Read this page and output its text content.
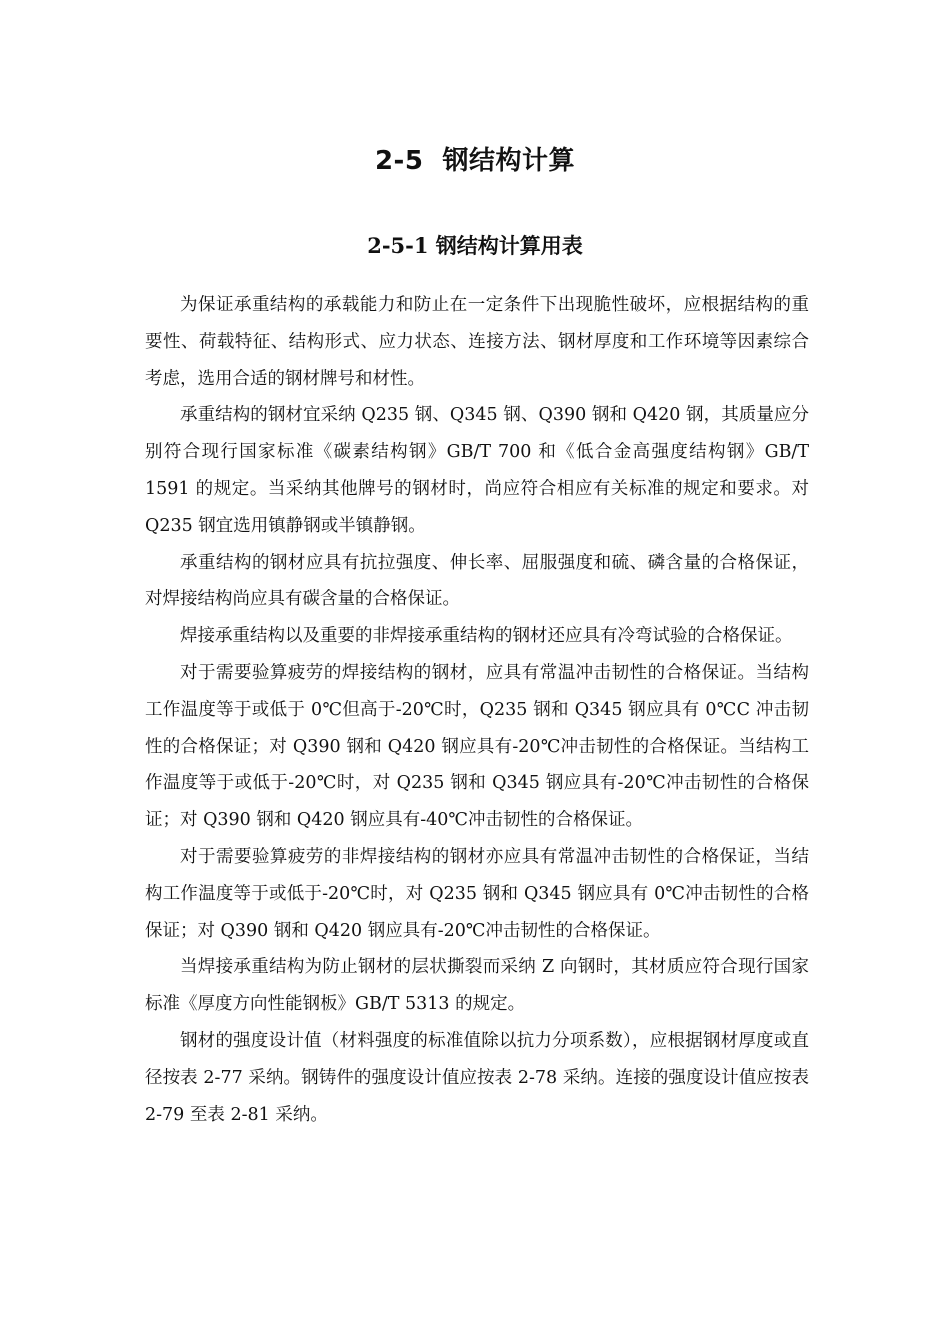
2-5  钢结构计算
2-5-1 钢结构计算用表

为保证承重结构的承载能力和防止在一定条件下出现脆性破坏，应根据结构的重要性、荷载特征、结构形式、应力状态、连接方法、钢材厚度和工作环境等因素综合考虑，选用合适的钢材牌号和材性。

承重结构的钢材宜采纳 Q235 钢、Q345 钢、Q390 钢和 Q420 钢，其质量应分别符合现行国家标准《碳素结构钢》GB/T 700 和《低合金高强度结构钢》GB/T 1591 的规定。当采纳其他牌号的钢材时，尚应符合相应有关标准的规定和要求。对 Q235 钢宜选用镇静钢或半镇静钢。

承重结构的钢材应具有抗拉强度、伸长率、屈服强度和硫、磷含量的合格保证，对焊接结构尚应具有碳含量的合格保证。

焊接承重结构以及重要的非焊接承重结构的钢材还应具有冷弯试验的合格保证。

对于需要验算疲劳的焊接结构的钢材，应具有常温冲击韧性的合格保证。当结构工作温度等于或低于 0℃但高于-20℃时，Q235 钢和 Q345 钢应具有 0℃C 冲击韧性的合格保证；对 Q390 钢和 Q420 钢应具有-20℃冲击韧性的合格保证。当结构工作温度等于或低于-20℃时，对 Q235 钢和 Q345 钢应具有-20℃冲击韧性的合格保证；对 Q390 钢和 Q420 钢应具有-40℃冲击韧性的合格保证。

对于需要验算疲劳的非焊接结构的钢材亦应具有常温冲击韧性的合格保证，当结构工作温度等于或低于-20℃时，对 Q235 钢和 Q345 钢应具有 0℃冲击韧性的合格保证；对 Q390 钢和 Q420 钢应具有-20℃冲击韧性的合格保证。

当焊接承重结构为防止钢材的层状撕裂而采纳 Z 向钢时，其材质应符合现行国家标准《厚度方向性能钢板》GB/T 5313 的规定。

钢材的强度设计值（材料强度的标准值除以抗力分项系数），应根据钢材厚度或直径按表 2-77 采纳。钢铸件的强度设计值应按表 2-78 采纳。连接的强度设计值应按表 2-79 至表 2-81 采纳。
